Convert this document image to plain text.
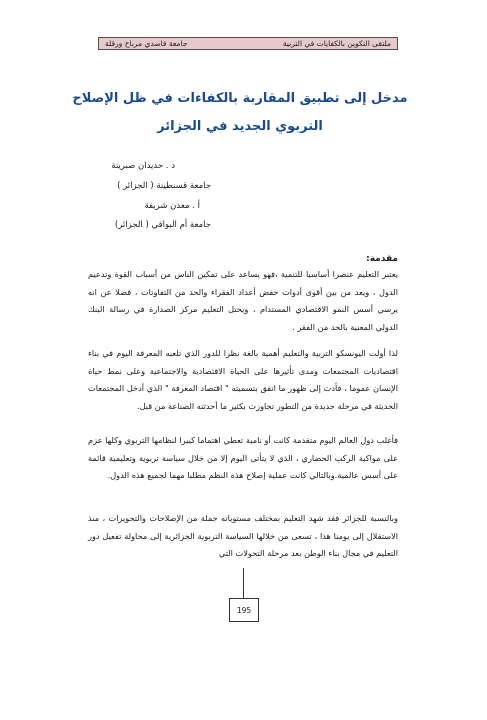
ملتقى التكوين بالكفايات في التربية
جامعة قاصدي مرباح ورقلة
مدخل إلى تطبيق المقاربة بالكفاءات في ظل الإصلاح
التربوي الجديد في الجزائر
د . حديدان صبرينة
جامعة قسنطينة ( الجزائر )
أ . معدن شريفة
جامعة أم البواقي ( الجزائر)
مقدمة:

يعتبر التعليم عنصرا أساسيا للتنمية ،فهو يساعد على تمكين الناس من أسباب القوة وتدعيم الدول ، ويعد من بين أقوى أدوات خفض أعداد الفقراء والحد من التفاوتات ، فضلا عن انه يرسي أسس النمو الاقتصادي المستدام ، ويحتل التعليم مركز الصدارة في رسالة البنك الدولي المعنية بالحد من الفقر .

لذا أولت اليونسكو التربية والتعليم أهمية بالغة نظرا للدور الذي تلعبه المعرفة اليوم في بناء اقتصاديات المجتمعات ومدى تأثيرها على الحياة الاقتصادية والاجتماعية وعلى نمط حياة الإنسان عموما ، فأدت إلى ظهور ما اتفق بتسميته " اقتصاد المعرفة " الذي أدخل المجتمعات الحديثة في مرحلة جديدة من التطور تجاوزت بكثير ما أحدثته الصناعة من قبل.

فأغلب دول العالم اليوم متقدمة كانت أو نامية تعطي اهتماما كبيرا لنظامها التربوي وكلها عزم على مواكبة الركب الحضاري ، الذي لا يتأتى اليوم إلا من خلال سياسة تربوية وتعليمية قائمة على أسس عالمية.وبالتالي كانت عملية إصلاح هذه النظم مطلبا مهما لجميع هذه الدول.

وبالنسبة للجزائر فقد شهد التعليم بمختلف مستوياته جملة من الإصلاحات والتحويرات ، منذ الاستقلال إلى يومنا هذا ، تسعى من خلالها السياسة التربوية الجزائرية إلى محاولة تفعيل دور التعليم في مجال بناء الوطن بعد مرحلة التحولات التي

195
